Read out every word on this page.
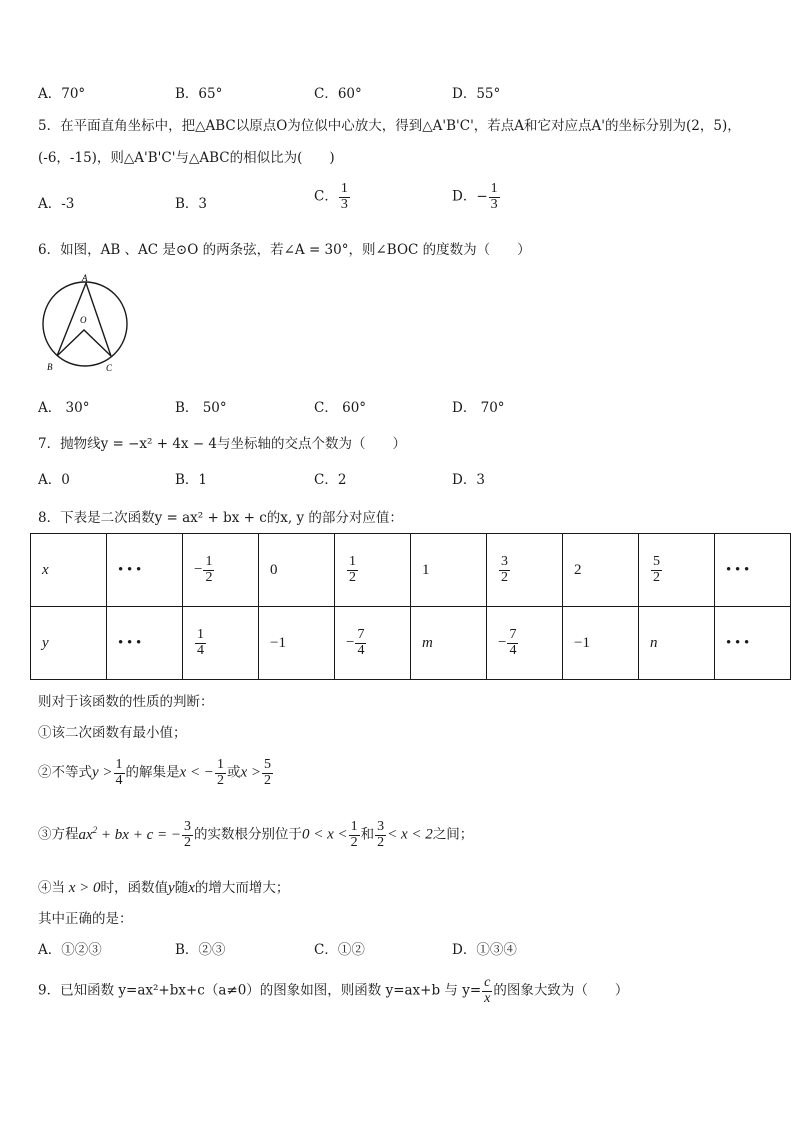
A．70°	B．65°	C．60°	D．55°
5．在平面直角坐标中，把△ABC以原点O为位似中心放大，得到△A'B'C'，若点A和它对应点A'的坐标分别为(2，5)，
(-6，-15)，则△A'B'C'与△ABC的相似比为(　　)
A．-3	B．3	C． $\frac{1}{3}$	D．− $\frac{1}{3}$
6．如图，AB 、AC 是⊙O 的两条弦，若∠A = 30°，则∠BOC 的度数为（　　）
A
O
B	C
A． 30°	B． 50°	C． 60°	D． 70°
7．抛物线y = −x² + 4x − 4与坐标轴的交点个数为（　　）
A．0	B．1	C．2	D．3
8．下表是二次函数y = ax² + bx + c的x, y 的部分对应值：
x	• • •	− $\frac{1}{2}$	0	$\frac{1}{2}$	1	$\frac{3}{2}$	2	$\frac{5}{2}$	• • •
y	• • •	$\frac{1}{4}$	−1	− $\frac{7}{4}$	m	− $\frac{7}{4}$	−1	n	• • •
则对于该函数的性质的判断：
①该二次函数有最小值；
②不等式$y > \frac{1}{4}$ 的解集是x < − $\frac{1}{2}$ 或$x > \frac{5}{2}$
③方程$ax^2$ + bx + c = − $\frac{3}{2}$ 的实数根分别位于$0 < x < \frac{1}{2}$ 和 $\frac{3}{2} < x < 2$之间；
④当 x > 0时，函数值y随x的增大而增大；
其中正确的是：
A．①②③	B．②③	C．①②	D．①③④
9．已知函数 y=ax²+bx+c（a≠0）的图象如图，则函数 y=ax+b 与 $y= \frac{c}{x}$ 的图象大致为（　　）
